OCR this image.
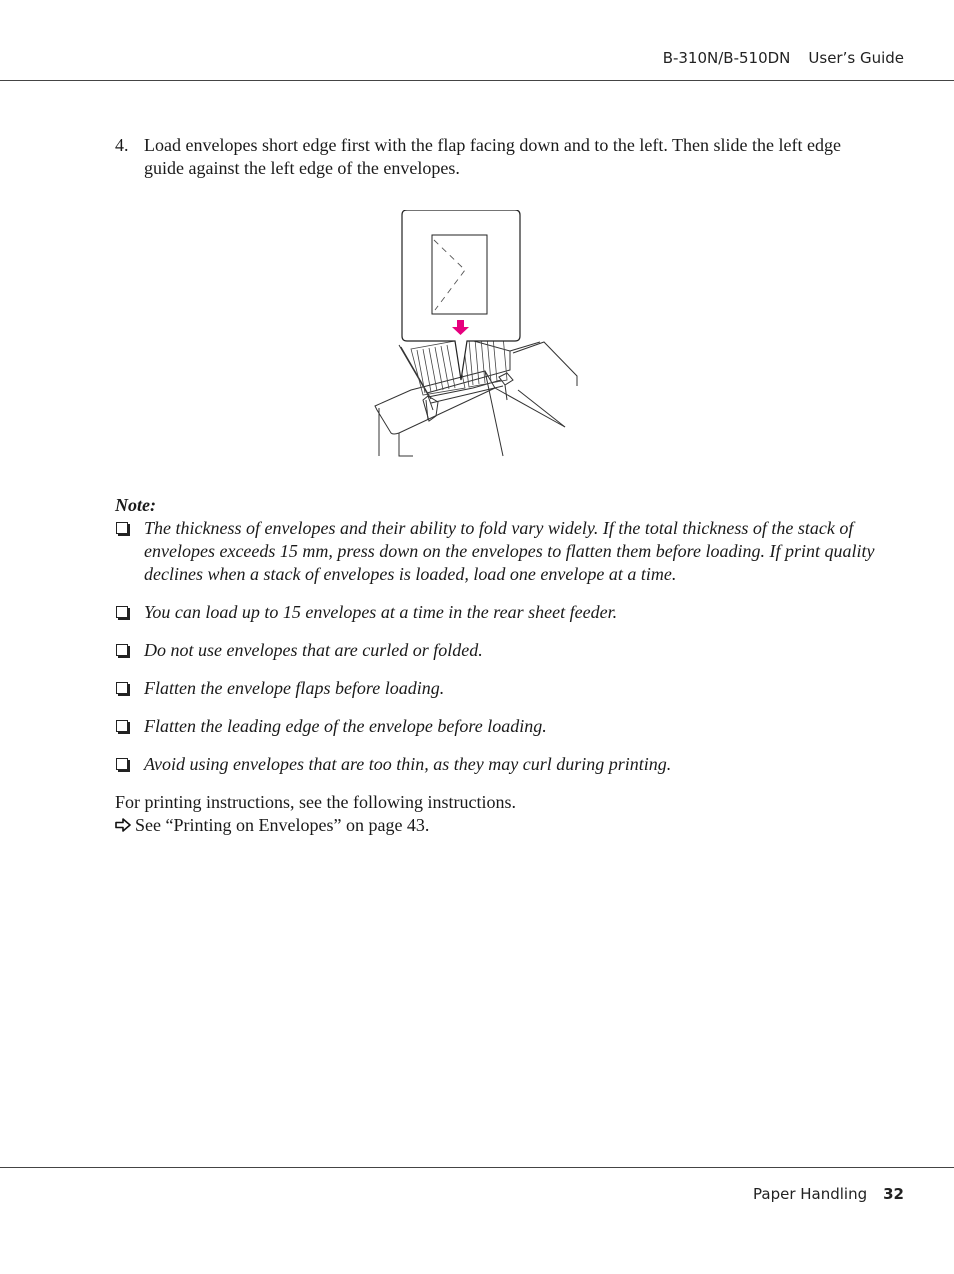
B-310N/B-510DN User’s Guide
4. Load envelopes short edge first with the flap facing down and to the left. Then slide the left edge guide against the left edge of the envelopes.
Note:
The thickness of envelopes and their ability to fold vary widely. If the total thickness of the stack of envelopes exceeds 15 mm, press down on the envelopes to flatten them before loading. If print quality declines when a stack of envelopes is loaded, load one envelope at a time.
You can load up to 15 envelopes at a time in the rear sheet feeder.
Do not use envelopes that are curled or folded.
Flatten the envelope flaps before loading.
Flatten the leading edge of the envelope before loading.
Avoid using envelopes that are too thin, as they may curl during printing.
For printing instructions, see the following instructions.
See “Printing on Envelopes” on page 43.
Paper Handling 32
